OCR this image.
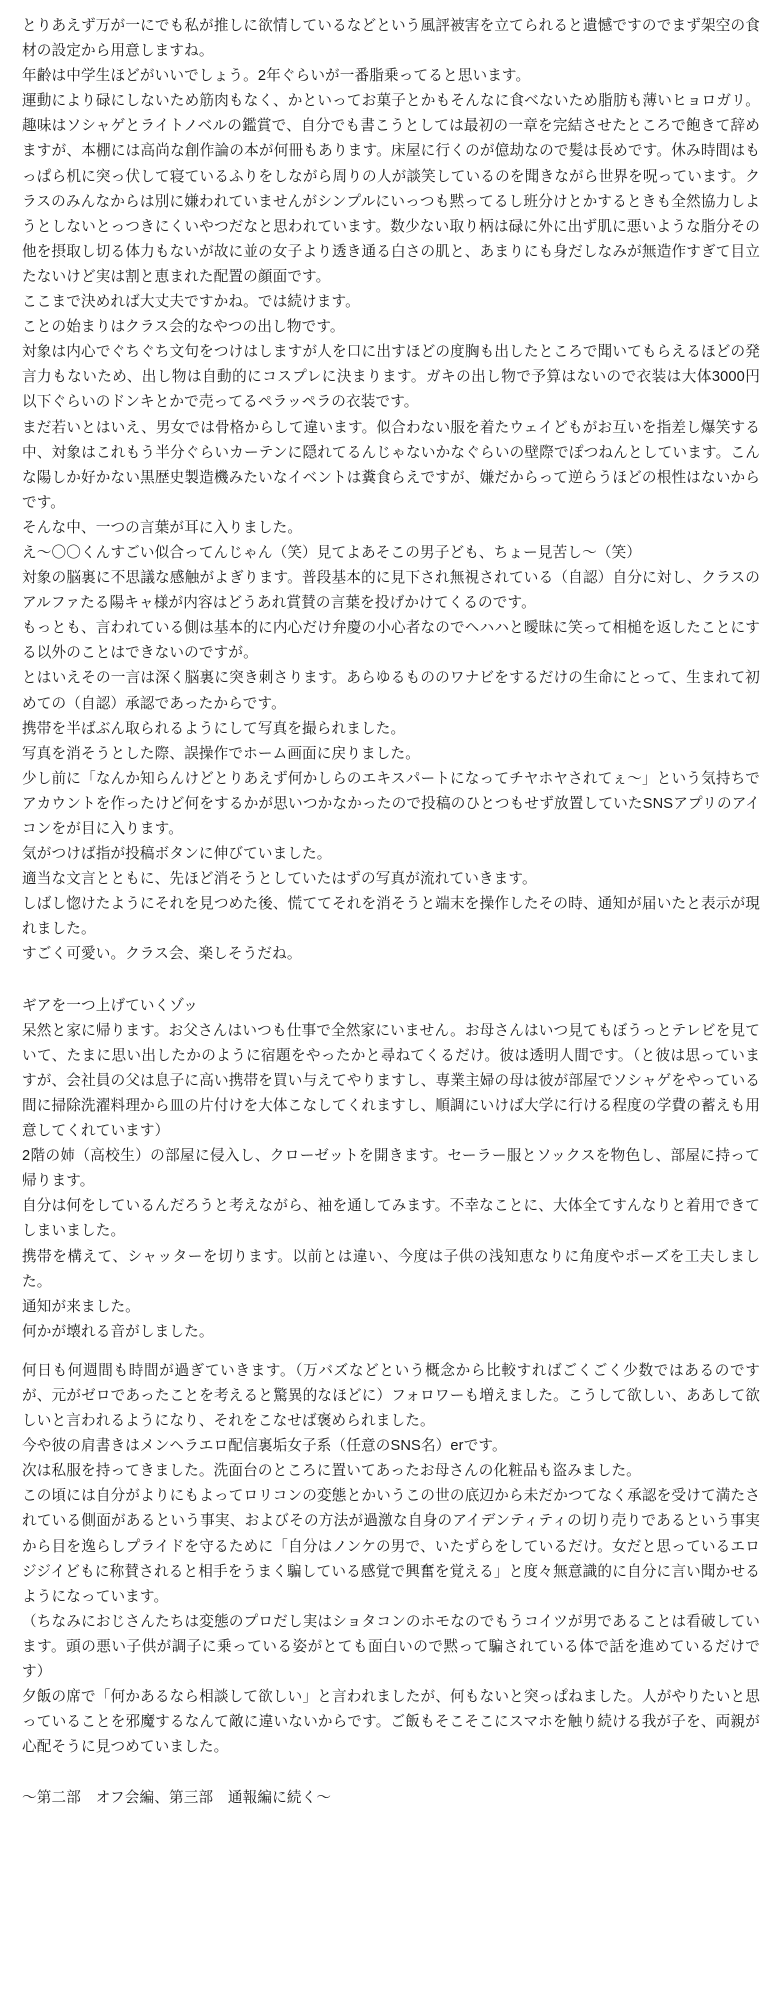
とりあえず万が一にでも私が推しに欲情しているなどという風評被害を立てられると遺憾ですのでまず架空の食材の設定から用意しますね。

年齢は中学生ほどがいいでしょう。2年ぐらいが一番脂乗ってると思います。

運動により碌にしないため筋肉もなく、かといってお菓子とかもそんなに食べないため脂肪も薄いヒョロガリ。趣味はソシャゲとライトノベルの鑑賞で、自分でも書こうとしては最初の一章を完結させたところで飽きて辞めますが、本棚には高尚な創作論の本が何冊もあります。床屋に行くのが億劫なので髪は長めです。休み時間はもっぱら机に突っ伏して寝ているふりをしながら周りの人が談笑しているのを聞きながら世界を呪っています。クラスのみんなからは別に嫌われていませんがシンプルにいっつも黙ってるし班分けとかするときも全然協力しようとしないとっつきにくいやつだなと思われています。数少ない取り柄は碌に外に出ず肌に悪いような脂分その他を摂取し切る体力もないが故に並の女子より透き通る白さの肌と、あまりにも身だしなみが無造作すぎて目立たないけど実は割と恵まれた配置の顔面です。

ここまで決めれば大丈夫ですかね。では続けます。

ことの始まりはクラス会的なやつの出し物です。

対象は内心でぐちぐち文句をつけはしますが人を口に出すほどの度胸も出したところで聞いてもらえるほどの発言力もないため、出し物は自動的にコスプレに決まります。ガキの出し物で予算はないので衣装は大体3000円以下ぐらいのドンキとかで売ってるペラッペラの衣装です。

まだ若いとはいえ、男女では骨格からして違います。似合わない服を着たウェイどもがお互いを指差し爆笑する中、対象はこれもう半分ぐらいカーテンに隠れてるんじゃないかなぐらいの壁際でぽつねんとしています。こんな陽しか好かない黒歴史製造機みたいなイベントは糞食らえですが、嫌だからって逆らうほどの根性はないからです。

そんな中、一つの言葉が耳に入りました。

え〜〇〇くんすごい似合ってんじゃん（笑）見てよあそこの男子ども、ちょー見苦し〜（笑）

対象の脳裏に不思議な感触がよぎります。普段基本的に見下され無視されている（自認）自分に対し、クラスのアルファたる陽キャ様が内容はどうあれ賞賛の言葉を投げかけてくるのです。

もっとも、言われている側は基本的に内心だけ弁慶の小心者なのでヘハハと曖昧に笑って相槌を返したことにする以外のことはできないのですが。

とはいえその一言は深く脳裏に突き刺さります。あらゆるもののワナビをするだけの生命にとって、生まれて初めての（自認）承認であったからです。

携帯を半ばぶん取られるようにして写真を撮られました。

写真を消そうとした際、誤操作でホーム画面に戻りました。

少し前に「なんか知らんけどとりあえず何かしらのエキスパートになってチヤホヤされてぇ〜」という気持ちでアカウントを作ったけど何をするかが思いつかなかったので投稿のひとつもせず放置していたSNSアプリのアイコンをが目に入ります。

気がつけば指が投稿ボタンに伸びていました。

適当な文言とともに、先ほど消そうとしていたはずの写真が流れていきます。

しばし惚けたようにそれを見つめた後、慌ててそれを消そうと端末を操作したその時、通知が届いたと表示が現れました。

すごく可愛い。クラス会、楽しそうだね。

ギアを一つ上げていくゾッ

呆然と家に帰ります。お父さんはいつも仕事で全然家にいません。お母さんはいつ見てもぼうっとテレビを見ていて、たまに思い出したかのように宿題をやったかと尋ねてくるだけ。彼は透明人間です。（と彼は思っていますが、会社員の父は息子に高い携帯を買い与えてやりますし、専業主婦の母は彼が部屋でソシャゲをやっている間に掃除洗濯料理から皿の片付けを大体こなしてくれますし、順調にいけば大学に行ける程度の学費の蓄えも用意してくれています）

2階の姉（高校生）の部屋に侵入し、クローゼットを開きます。セーラー服とソックスを物色し、部屋に持って帰ります。

自分は何をしているんだろうと考えながら、袖を通してみます。不幸なことに、大体全てすんなりと着用できてしまいました。

携帯を構えて、シャッターを切ります。以前とは違い、今度は子供の浅知恵なりに角度やポーズを工夫しました。

通知が来ました。

何かが壊れる音がしました。

何日も何週間も時間が過ぎていきます。（万バズなどという概念から比較すればごくごく少数ではあるのですが、元がゼロであったことを考えると驚異的なほどに）フォロワーも増えました。こうして欲しい、ああして欲しいと言われるようになり、それをこなせば褒められました。

今や彼の肩書きはメンヘラエロ配信裏垢女子系（任意のSNS名）erです。

次は私服を持ってきました。洗面台のところに置いてあったお母さんの化粧品も盗みました。

この頃には自分がよりにもよってロリコンの変態とかいうこの世の底辺から未だかつてなく承認を受けて満たされている側面があるという事実、およびその方法が過激な自身のアイデンティティの切り売りであるという事実から目を逸らしプライドを守るために「自分はノンケの男で、いたずらをしているだけ。女だと思っているエロジジイどもに称賛されると相手をうまく騙している感覚で興奮を覚える」と度々無意識的に自分に言い聞かせるようになっています。

（ちなみにおじさんたちは変態のプロだし実はショタコンのホモなのでもうコイツが男であることは看破しています。頭の悪い子供が調子に乗っている姿がとても面白いので黙って騙されている体で話を進めているだけです）

夕飯の席で「何かあるなら相談して欲しい」と言われましたが、何もないと突っぱねました。人がやりたいと思っていることを邪魔するなんて敵に違いないからです。ご飯もそこそこにスマホを触り続ける我が子を、両親が心配そうに見つめていました。

〜第二部　オフ会編、第三部　通報編に続く〜
